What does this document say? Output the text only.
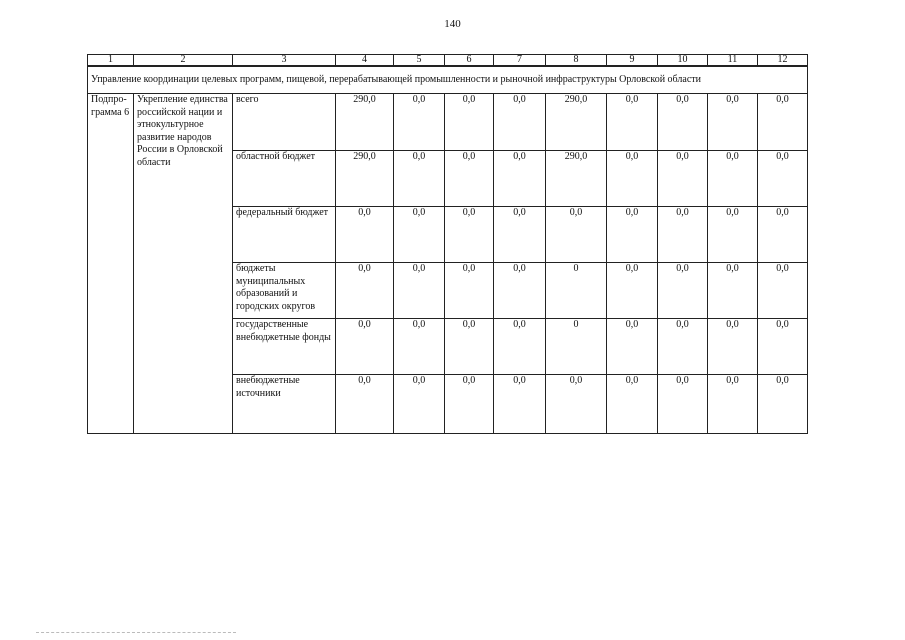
140
1	2	3	4	5	6	7	8	9	10	11	12
Управление координации целевых программ, пищевой, перерабатывающей промышленности и рыночной инфраструктуры Орловской области											
Подпро-грамма 6	Укрепление единства российской нации и этнокультурное развитие народов России в Орловской области	всего	290,0	0,0	0,0	0,0	290,0	0,0	0,0	0,0	0,0
		областной бюджет	290,0	0,0	0,0	0,0	290,0	0,0	0,0	0,0	0,0
		федеральный бюджет	0,0	0,0	0,0	0,0	0,0	0,0	0,0	0,0	0,0
		бюджеты муниципальных образований и городских округов	0,0	0,0	0,0	0,0	0	0,0	0,0	0,0	0,0
		государственные внебюджетные фонды	0,0	0,0	0,0	0,0	0	0,0	0,0	0,0	0,0
		внебюджетные источники	0,0	0,0	0,0	0,0	0,0	0,0	0,0	0,0	0,0
